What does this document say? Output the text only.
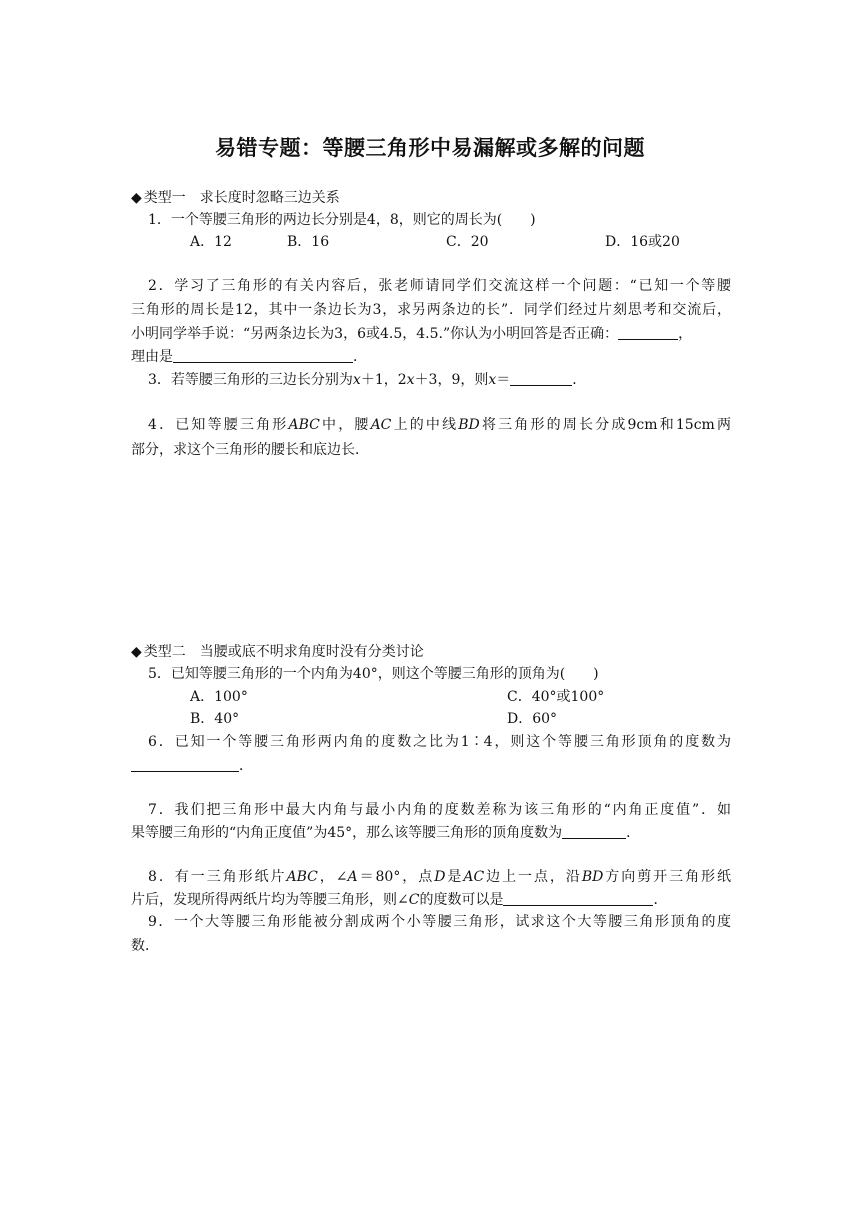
易错专题：等腰三角形中易漏解或多解的问题
◆ 类型一　求长度时忽略三边关系
1．一个等腰三角形的两边长分别是4，8，则它的周长为(　　)
A．12	B．16	C．20	D．16或20
2．学习了三角形的有关内容后，张老师请同学们交流这样一个问题：“已知一个等腰
三角形的周长是12，其中一条边长为3，求另两条边的长”．同学们经过片刻思考和交流后，
小明同学举手说：“另两条边长为3，6或4.5，4.5.”你认为小明回答是否正确：	，
理由是	．
3．若等腰三角形的三边长分别为x＋1，2x＋3，9，则x＝	．
4．已知等腰三角形ABC中，腰AC上的中线BD将三角形的周长分成9cm和15cm两
部分，求这个三角形的腰长和底边长．
◆ 类型二　当腰或底不明求角度时没有分类讨论
5．已知等腰三角形的一个内角为40°，则这个等腰三角形的顶角为(　　)
A．100°	C．40°或100°
B．40°	D．60°
6．已知一个等腰三角形两内角的度数之比为1∶4，则这个等腰三角形顶角的度数为
．
7．我们把三角形中最大内角与最小内角的度数差称为该三角形的“内角正度值”．如
果等腰三角形的“内角正度值”为45°，那么该等腰三角形的顶角度数为	．
8．有一三角形纸片ABC，∠A＝80°，点D是AC边上一点，沿BD方向剪开三角形纸
片后，发现所得两纸片均为等腰三角形，则∠C的度数可以是	．
9．一个大等腰三角形能被分割成两个小等腰三角形，试求这个大等腰三角形顶角的度
数．
